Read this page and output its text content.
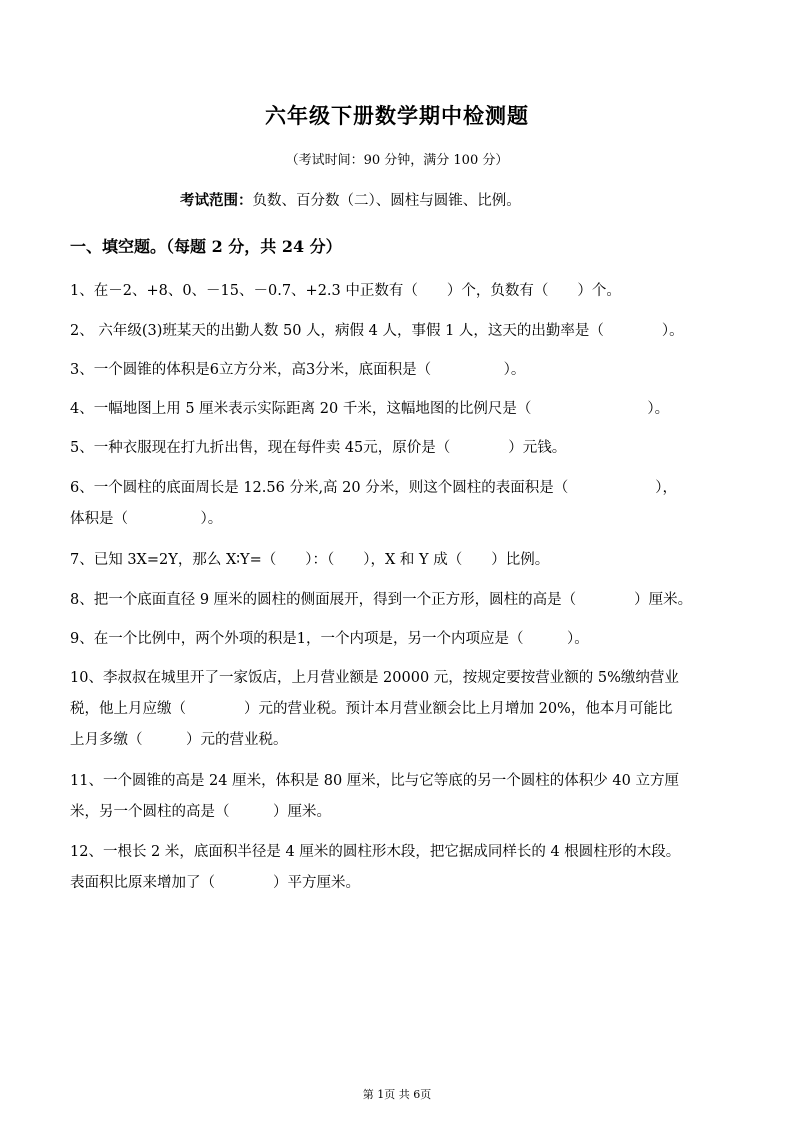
六年级下册数学期中检测题
（考试时间：90 分钟，满分 100 分）
考试范围：负数、百分数（二）、圆柱与圆锥、比例。
一、填空题。（每题 2 分，共 24 分）
1、在－2、+8、0、－15、－0.7、+2.3 中正数有（　　）个，负数有（　　）个。
2、 六年级(3)班某天的出勤人数 50 人，病假 4 人，事假 1 人，这天的出勤率是（　　　　）。
3、一个圆锥的体积是6立方分米，高3分米，底面积是（　　　　　）。
4、一幅地图上用 5 厘米表示实际距离 20 千米，这幅地图的比例尺是（　　　　　　　　）。
5、一种衣服现在打九折出售，现在每件卖 45元，原价是（　　　　）元钱。
6、一个圆柱的底面周长是 12.56 分米,高 20 分米，则这个圆柱的表面积是（　　　　　　），
体积是（　　　　　）。
7、已知 3X=2Y，那么 X∶Y=（　　）：（　　），X 和 Y 成（　　）比例。
8、把一个底面直径 9 厘米的圆柱的侧面展开，得到一个正方形，圆柱的高是（　　　　）厘米。
9、在一个比例中，两个外项的积是1，一个内项是，另一个内项应是（　　　）。
10、李叔叔在城里开了一家饭店，上月营业额是 20000 元，按规定要按营业额的 5%缴纳营业
税，他上月应缴（　　　　）元的营业税。预计本月营业额会比上月增加 20%，他本月可能比
上月多缴（　　　）元的营业税。
11、一个圆锥的高是 24 厘米，体积是 80 厘米，比与它等底的另一个圆柱的体积少 40 立方厘
米，另一个圆柱的高是（　　　）厘米。
12、一根长 2 米，底面积半径是 4 厘米的圆柱形木段，把它据成同样长的 4 根圆柱形的木段。
表面积比原来增加了（　　　　）平方厘米。
第 1页 共 6页
